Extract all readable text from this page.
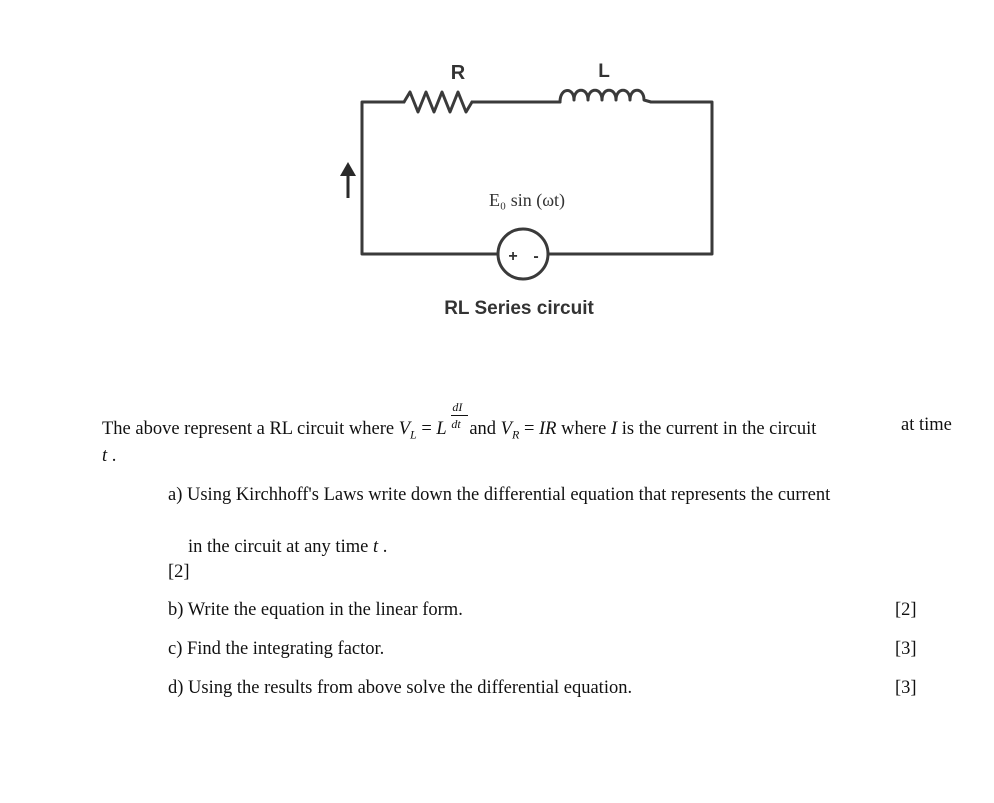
R	L
E₀ sin (ωt)
+ -
RL Series circuit
The above represent a RL circuit where $V_L = L \frac{dI}{dt}$ and $V_R$ = IR where I is the current in the circuit	at time
t .
a) Using Kirchhoff's Laws write down the differential equation that represents the current
in the circuit at any time t .
[2]
b) Write the equation in the linear form.	[2]
c) Find the integrating factor.	[3]
d) Using the results from above solve the differential equation.	[3]
